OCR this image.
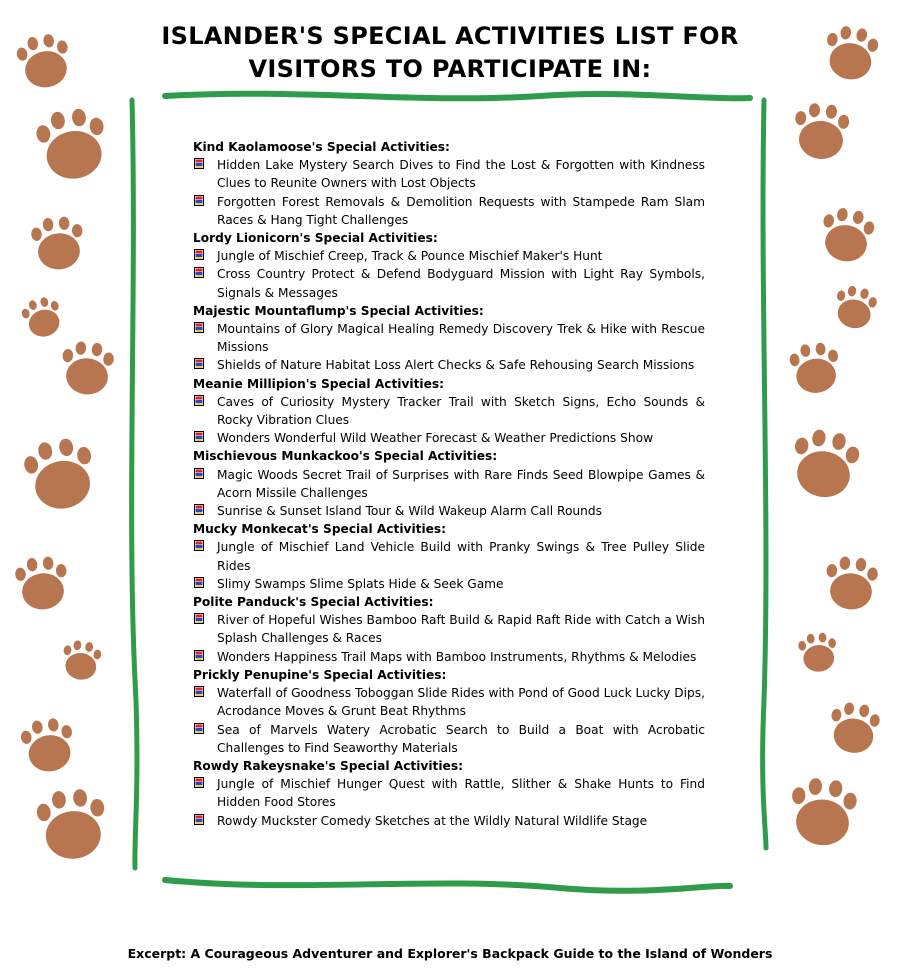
ISLANDER'S SPECIAL ACTIVITIES LIST FOR
VISITORS TO PARTICIPATE IN:
Kind Kaolamoose's Special Activities:
Hidden Lake Mystery Search Dives to Find the Lost & Forgotten with Kindness Clues to Reunite Owners with Lost Objects
Forgotten Forest Removals & Demolition Requests with Stampede Ram Slam Races & Hang Tight Challenges
Lordy Lionicorn's Special Activities:
Jungle of Mischief Creep, Track & Pounce Mischief Maker's Hunt
Cross Country Protect & Defend Bodyguard Mission with Light Ray Symbols, Signals & Messages
Majestic Mountaflump's Special Activities:
Mountains of Glory Magical Healing Remedy Discovery Trek & Hike with Rescue Missions
Shields of Nature Habitat Loss Alert Checks & Safe Rehousing Search Missions
Meanie Millipion's Special Activities:
Caves of Curiosity Mystery Tracker Trail with Sketch Signs, Echo Sounds & Rocky Vibration Clues
Wonders Wonderful Wild Weather Forecast & Weather Predictions Show
Mischievous Munkackoo's Special Activities:
Magic Woods Secret Trail of Surprises with Rare Finds Seed Blowpipe Games & Acorn Missile Challenges
Sunrise & Sunset Island Tour & Wild Wakeup Alarm Call Rounds
Mucky Monkecat's Special Activities:
Jungle of Mischief Land Vehicle Build with Pranky Swings & Tree Pulley Slide Rides
Slimy Swamps Slime Splats Hide & Seek Game
Polite Panduck's Special Activities:
River of Hopeful Wishes Bamboo Raft Build & Rapid Raft Ride with Catch a Wish Splash Challenges & Races
Wonders Happiness Trail Maps with Bamboo Instruments, Rhythms & Melodies
Prickly Penupine's Special Activities:
Waterfall of Goodness Toboggan Slide Rides with Pond of Good Luck Lucky Dips, Acrodance Moves & Grunt Beat Rhythms
Sea of Marvels Watery Acrobatic Search to Build a Boat with Acrobatic Challenges to Find Seaworthy Materials
Rowdy Rakeysnake's Special Activities:
Jungle of Mischief Hunger Quest with Rattle, Slither & Shake Hunts to Find Hidden Food Stores
Rowdy Muckster Comedy Sketches at the Wildly Natural Wildlife Stage
Excerpt: A Courageous Adventurer and Explorer's Backpack Guide to the Island of Wonders
